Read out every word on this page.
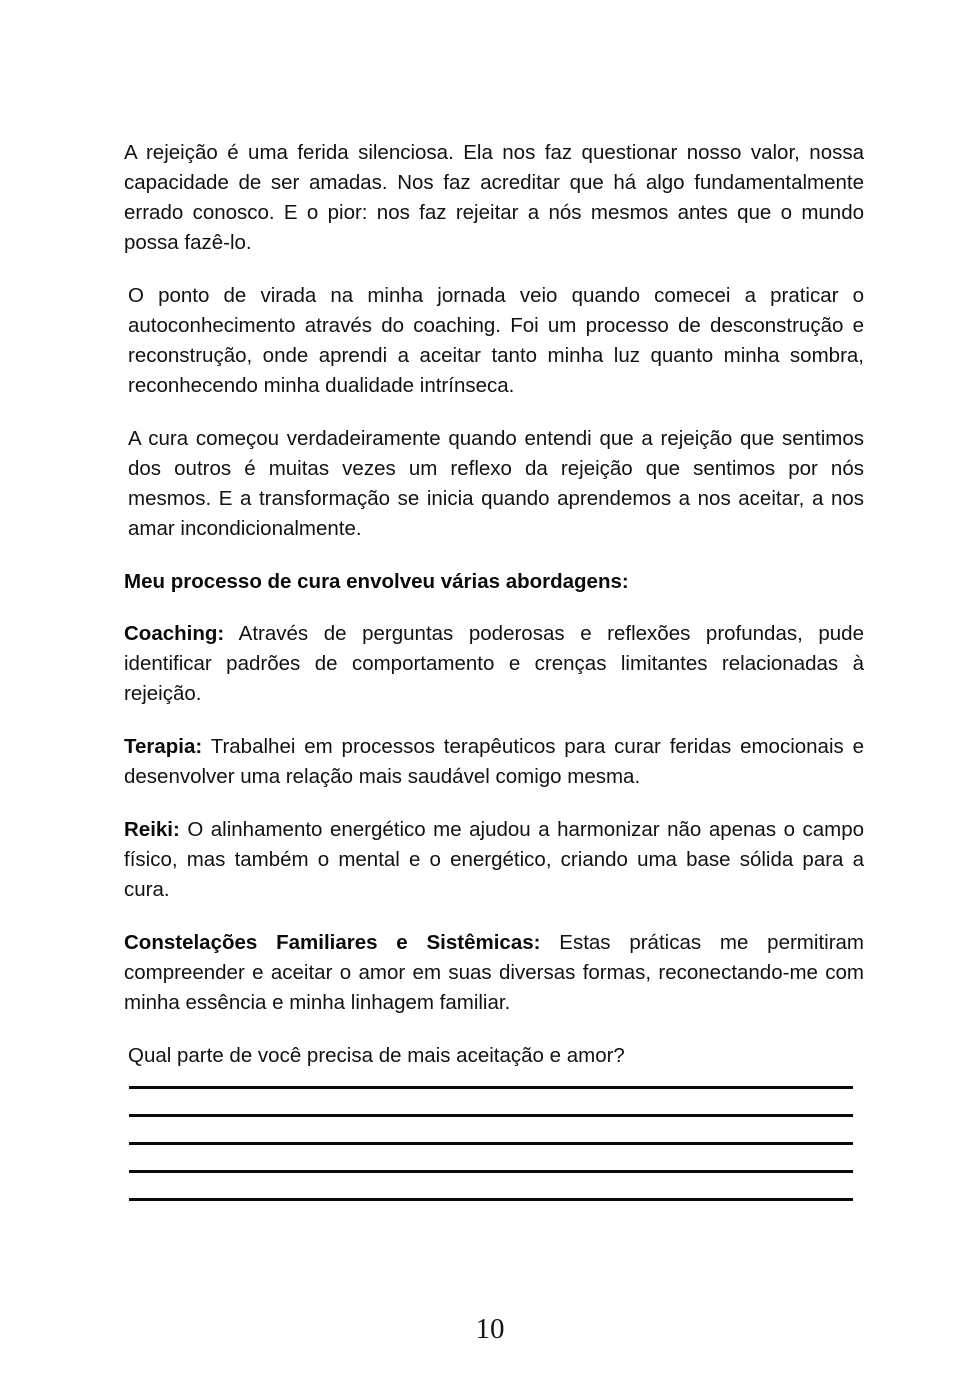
A rejeição é uma ferida silenciosa. Ela nos faz questionar nosso valor, nossa capacidade de ser amadas. Nos faz acreditar que há algo fundamentalmente errado conosco. E o pior: nos faz rejeitar a nós mesmos antes que o mundo possa fazê-lo.

O ponto de virada na minha jornada veio quando comecei a praticar o autoconhecimento através do coaching. Foi um processo de desconstrução e reconstrução, onde aprendi a aceitar tanto minha luz quanto minha sombra, reconhecendo minha dualidade intrínseca.

A cura começou verdadeiramente quando entendi que a rejeição que sentimos dos outros é muitas vezes um reflexo da rejeição que sentimos por nós mesmos. E a transformação se inicia quando aprendemos a nos aceitar, a nos amar incondicionalmente.

Meu processo de cura envolveu várias abordagens:

Coaching: Através de perguntas poderosas e reflexões profundas, pude identificar padrões de comportamento e crenças limitantes relacionadas à rejeição.

Terapia: Trabalhei em processos terapêuticos para curar feridas emocionais e desenvolver uma relação mais saudável comigo mesma.

Reiki: O alinhamento energético me ajudou a harmonizar não apenas o campo físico, mas também o mental e o energético, criando uma base sólida para a cura.

Constelações Familiares e Sistêmicas: Estas práticas me permitiram compreender e aceitar o amor em suas diversas formas, reconectando-me com minha essência e minha linhagem familiar.

Qual parte de você precisa de mais aceitação e amor?

10
